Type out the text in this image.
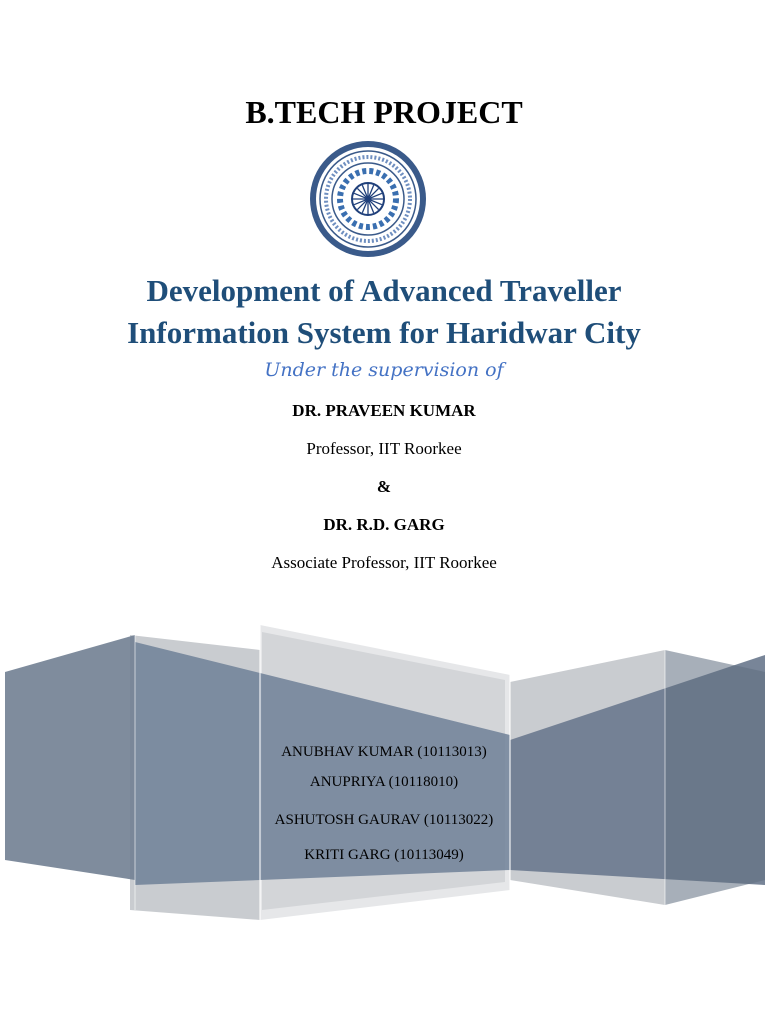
B.TECH PROJECT
Development of Advanced Traveller
Information System for Haridwar City
Under the supervision of
DR. PRAVEEN KUMAR
Professor, IIT Roorkee
&
DR. R.D. GARG
Associate Professor, IIT Roorkee
ANUBHAV KUMAR (10113013)
ANUPRIYA (10118010)
ASHUTOSH GAURAV (10113022)
KRITI GARG (10113049)
